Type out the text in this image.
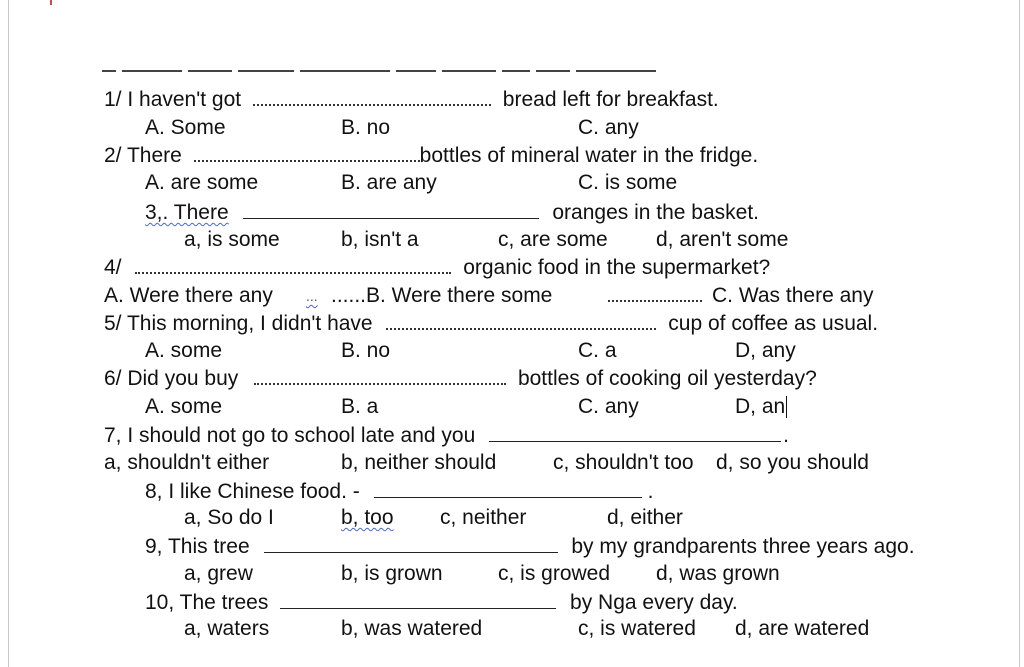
1/ I haven't got	bread left for breakfast.
A. Some	B. no	C. any
2/ There	bottles of mineral water in the fridge.
A. are some	B. are any	C. is some
3,. There	oranges in the basket.
a, is some	b, isn't a	c, are some d, aren't some
4/	organic food in the supermarket?
A. Were there any ... ......B. Were there some	C. Was there any
5/ This morning, I didn't have	cup of coffee as usual.
A. some	B. no	C. a	D, any
6/ Did you buy	bottles of cooking oil yesterday?
A. some	B. a	C. any	D, an
7, I should not go to school late and you	.
a, shouldn't either	b, neither should	c, shouldn't too d, so you should
8, I like Chinese food. -	.
a, So do I	b, too c, neither	d, either
9, This tree	by my grandparents three years ago.
a, grew	b, is grown	c, is growed d, was grown
10, The trees	by Nga every day.
a, waters	b, was watered	c, is watered d, are watered
